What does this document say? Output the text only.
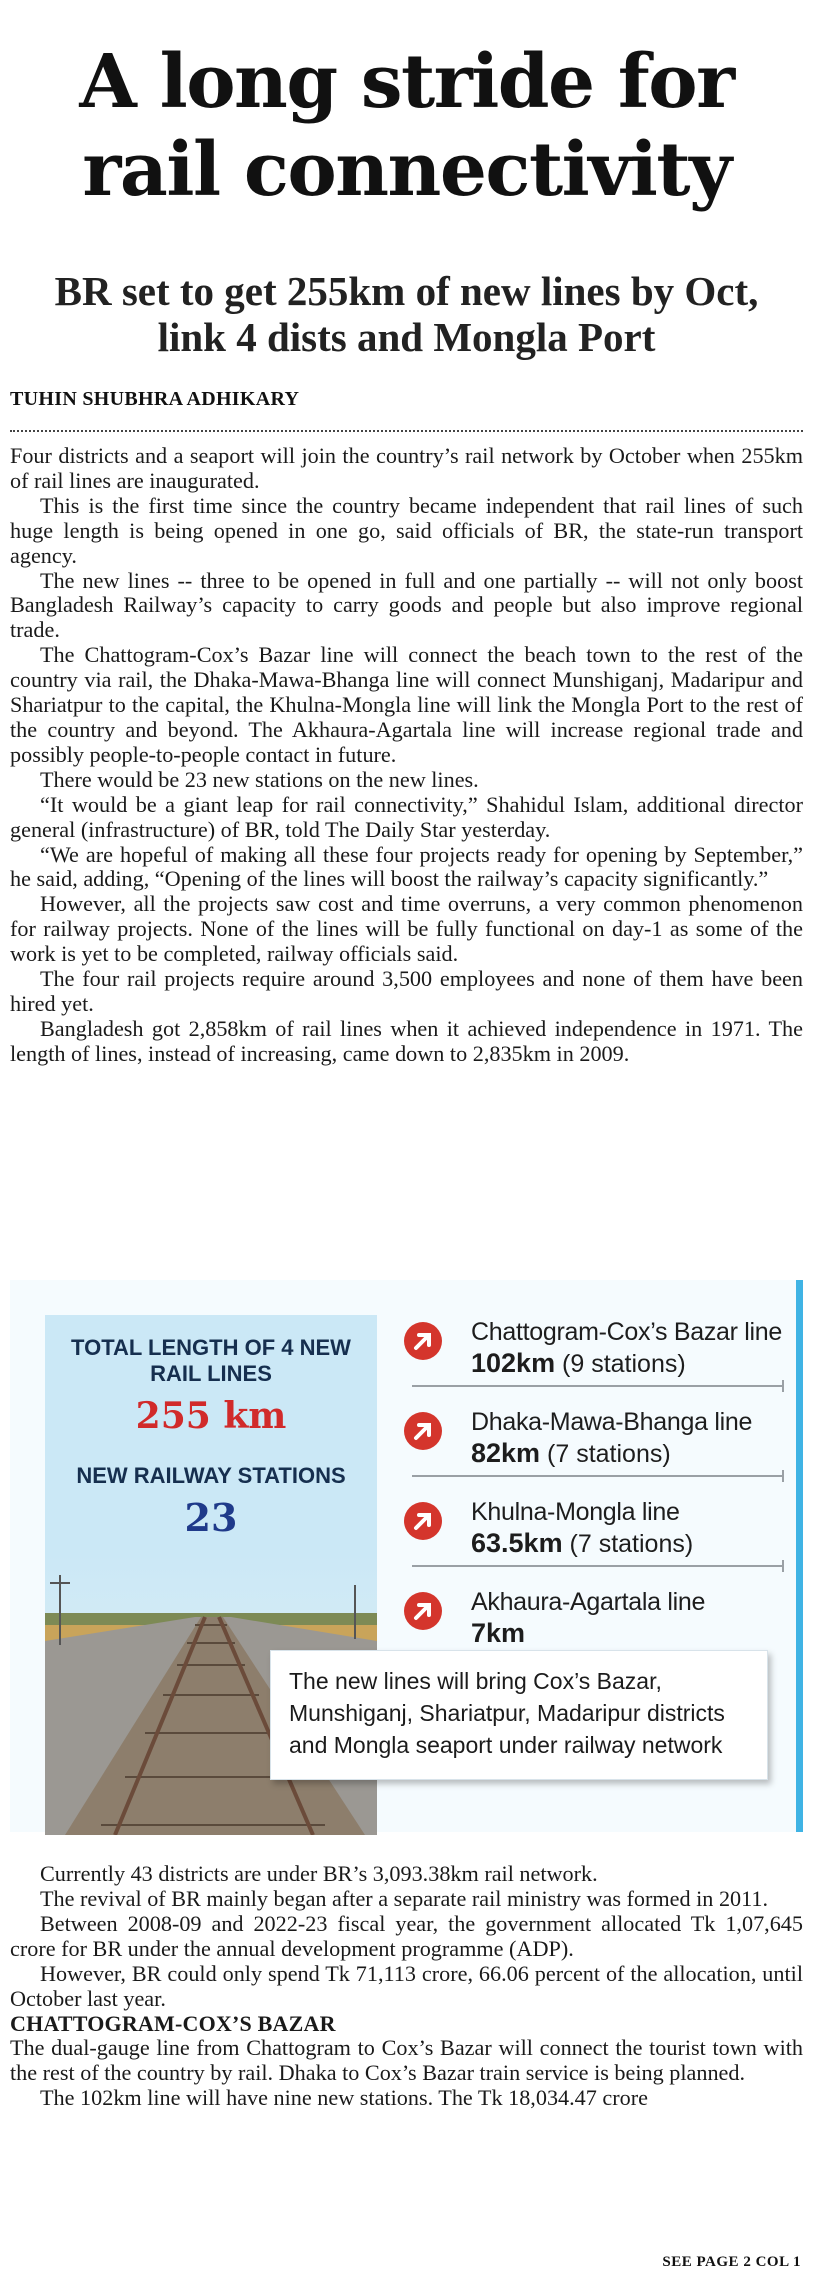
A long stride for
rail connectivity
BR set to get 255km of new lines by Oct,
link 4 dists and Mongla Port
TUHIN SHUBHRA ADHIKARY

Four districts and a seaport will join the country’s rail network by October when 255km of rail lines are inaugurated.

This is the first time since the country became independent that rail lines of such huge length is being opened in one go, said officials of BR, the state-run transport agency.

The new lines -- three to be opened in full and one partially -- will not only boost Bangladesh Railway’s capacity to carry goods and people but also improve regional trade.

The Chattogram-Cox’s Bazar line will connect the beach town to the rest of the country via rail, the Dhaka-Mawa-Bhanga line will connect Munshiganj, Madaripur and Shariatpur to the capital, the Khulna-Mongla line will link the Mongla Port to the rest of the country and beyond. The Akhaura-Agartala line will increase regional trade and possibly people-to-people contact in future.

There would be 23 new stations on the new lines.

“It would be a giant leap for rail connectivity,” Shahidul Islam, additional director general (infrastructure) of BR, told The Daily Star yesterday.

“We are hopeful of making all these four projects ready for opening by September,” he said, adding, “Opening of the lines will boost the railway’s capacity significantly.”

However, all the projects saw cost and time overruns, a very common phenomenon for railway projects. None of the lines will be fully functional on day-1 as some of the work is yet to be completed, railway officials said.

The four rail projects require around 3,500 employees and none of them have been hired yet.

Bangladesh got 2,858km of rail lines when it achieved independence in 1971. The length of lines, instead of increasing, came down to 2,835km in 2009.

TOTAL LENGTH OF 4 NEW RAIL LINES
255 km
NEW RAILWAY STATIONS
23
Chattogram-Cox’s Bazar line
102km (9 stations)
Dhaka-Mawa-Bhanga line
82km (7 stations)
Khulna-Mongla line
63.5km (7 stations)
Akhaura-Agartala line
7km
The new lines will bring Cox’s Bazar, Munshiganj, Shariatpur, Madaripur districts and Mongla seaport under railway network

Currently 43 districts are under BR’s 3,093.38km rail network.

The revival of BR mainly began after a separate rail ministry was formed in 2011.

Between 2008-09 and 2022-23 fiscal year, the government allocated Tk 1,07,645 crore for BR under the annual development programme (ADP).

However, BR could only spend Tk 71,113 crore, 66.06 percent of the allocation, until October last year.

CHATTOGRAM-COX’S BAZAR

The dual-gauge line from Chattogram to Cox’s Bazar will connect the tourist town with the rest of the country by rail. Dhaka to Cox’s Bazar train service is being planned.

The 102km line will have nine new stations. The Tk 18,034.47 crore

SEE PAGE 2 COL 1
